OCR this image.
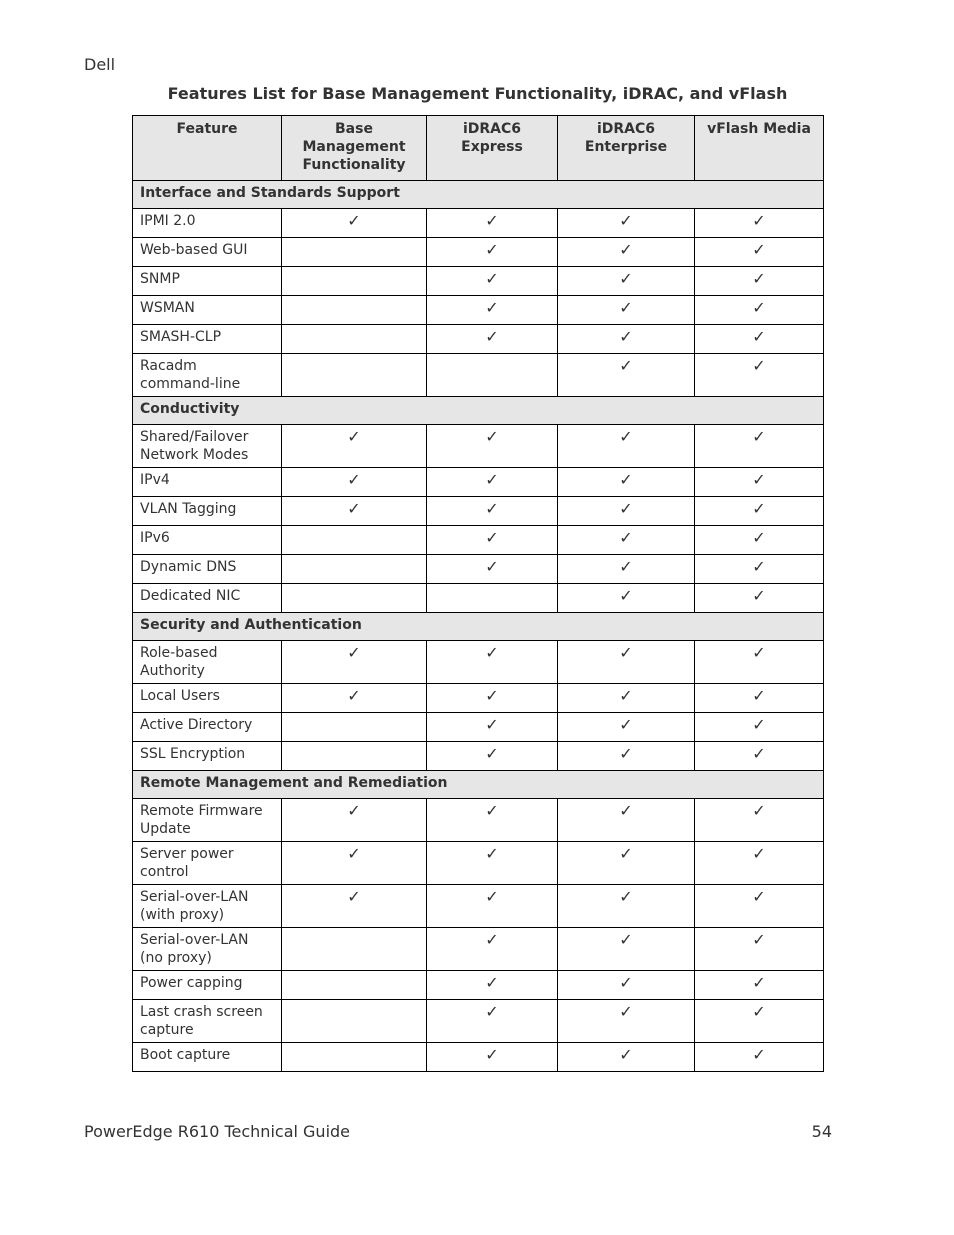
Dell
Features List for Base Management Functionality, iDRAC, and vFlash
Feature	Base Management Functionality	iDRAC6 Express	iDRAC6 Enterprise	vFlash Media
Interface and Standards Support				
IPMI 2.0	✓	✓	✓	✓
Web-based GUI		✓	✓	✓
SNMP		✓	✓	✓
WSMAN		✓	✓	✓
SMASH-CLP		✓	✓	✓
Racadm command-line			✓	✓
Conductivity				
Shared/Failover Network Modes	✓	✓	✓	✓
IPv4	✓	✓	✓	✓
VLAN Tagging	✓	✓	✓	✓
IPv6		✓	✓	✓
Dynamic DNS		✓	✓	✓
Dedicated NIC			✓	✓
Security and Authentication				
Role-based Authority	✓	✓	✓	✓
Local Users	✓	✓	✓	✓
Active Directory		✓	✓	✓
SSL Encryption		✓	✓	✓
Remote Management and Remediation				
Remote Firmware Update	✓	✓	✓	✓
Server power control	✓	✓	✓	✓
Serial-over-LAN (with proxy)	✓	✓	✓	✓
Serial-over-LAN (no proxy)		✓	✓	✓
Power capping		✓	✓	✓
Last crash screen capture		✓	✓	✓
Boot capture		✓	✓	✓
PowerEdge R610 Technical Guide	54
